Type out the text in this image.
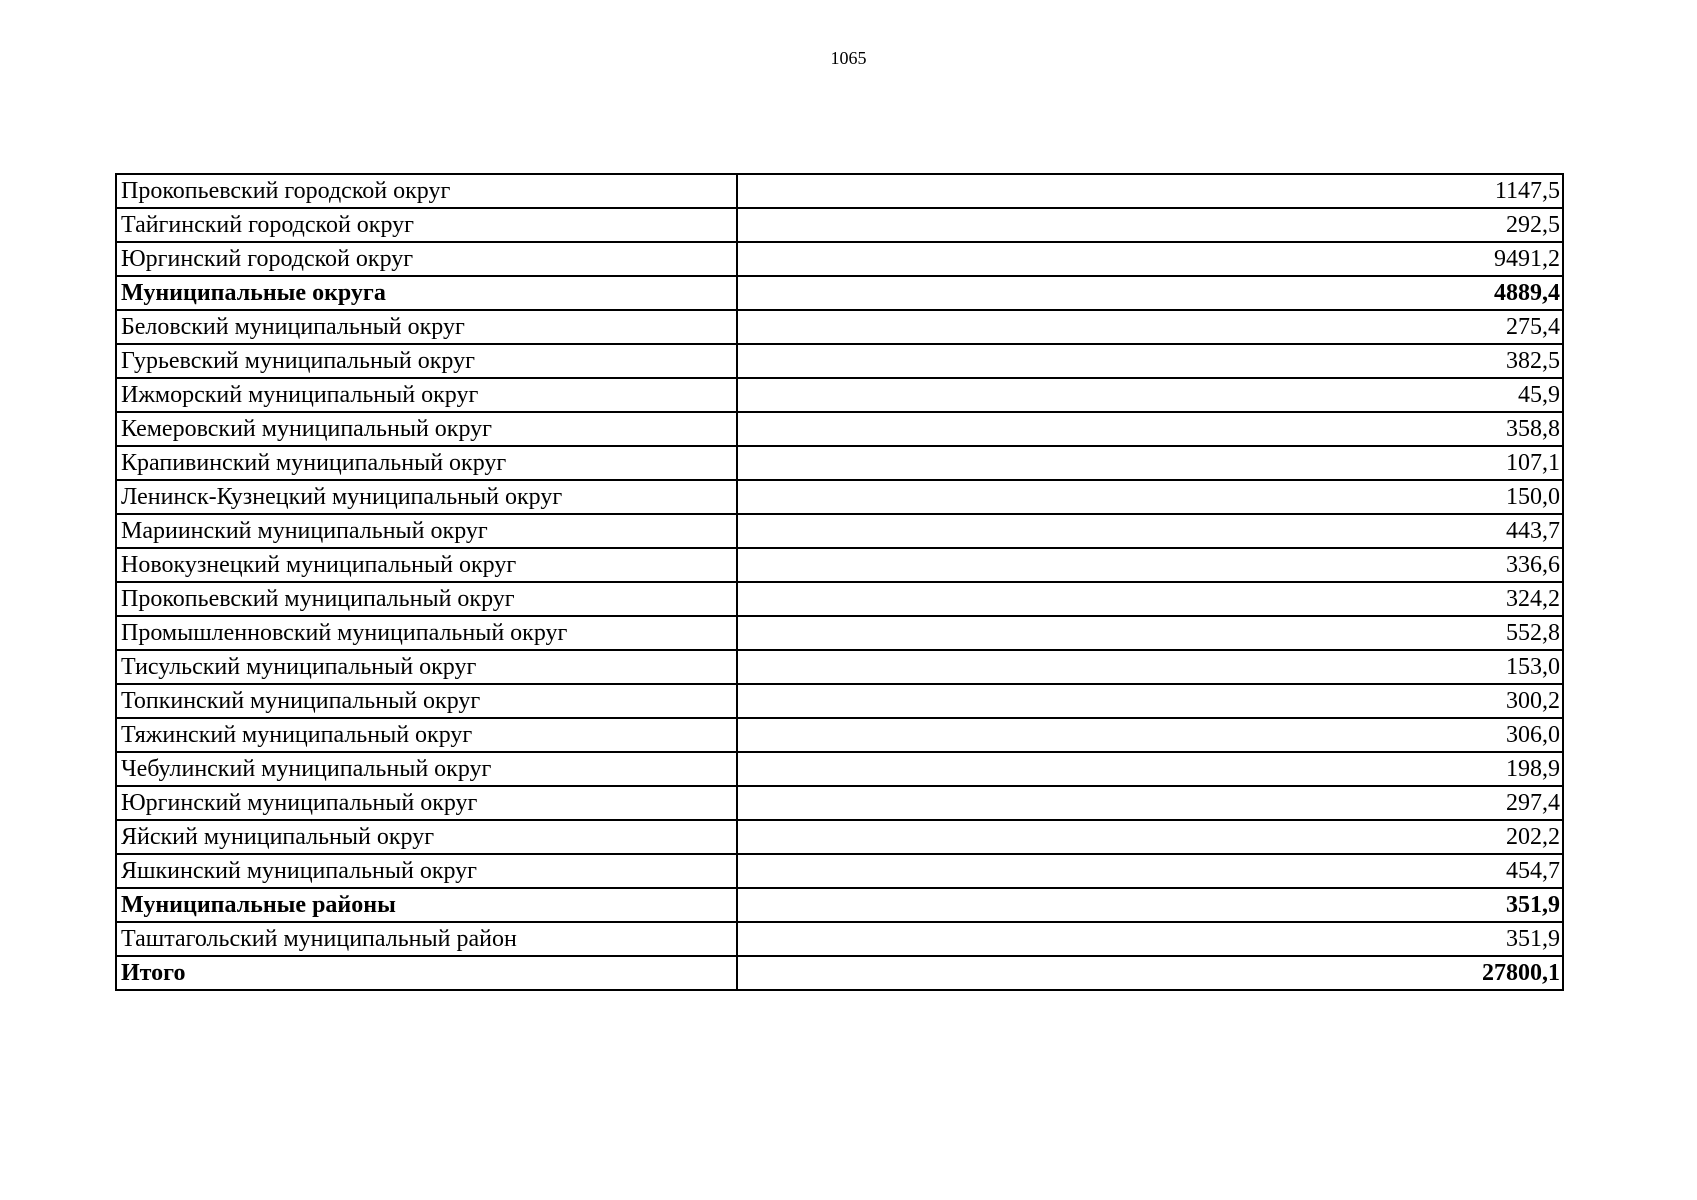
1065
Прокопьевский городской округ	1147,5
Тайгинский городской округ	292,5
Юргинский городской округ	9491,2
Муниципальные округа	4889,4
Беловский муниципальный округ	275,4
Гурьевский муниципальный округ	382,5
Ижморский муниципальный округ	45,9
Кемеровский муниципальный округ	358,8
Крапивинский муниципальный округ	107,1
Ленинск-Кузнецкий муниципальный округ	150,0
Мариинский муниципальный округ	443,7
Новокузнецкий муниципальный округ	336,6
Прокопьевский муниципальный округ	324,2
Промышленновский муниципальный округ	552,8
Тисульский муниципальный округ	153,0
Топкинский муниципальный округ	300,2
Тяжинский муниципальный округ	306,0
Чебулинский муниципальный округ	198,9
Юргинский муниципальный округ	297,4
Яйский муниципальный округ	202,2
Яшкинский муниципальный округ	454,7
Муниципальные районы	351,9
Таштагольский муниципальный район	351,9
Итого	27800,1
